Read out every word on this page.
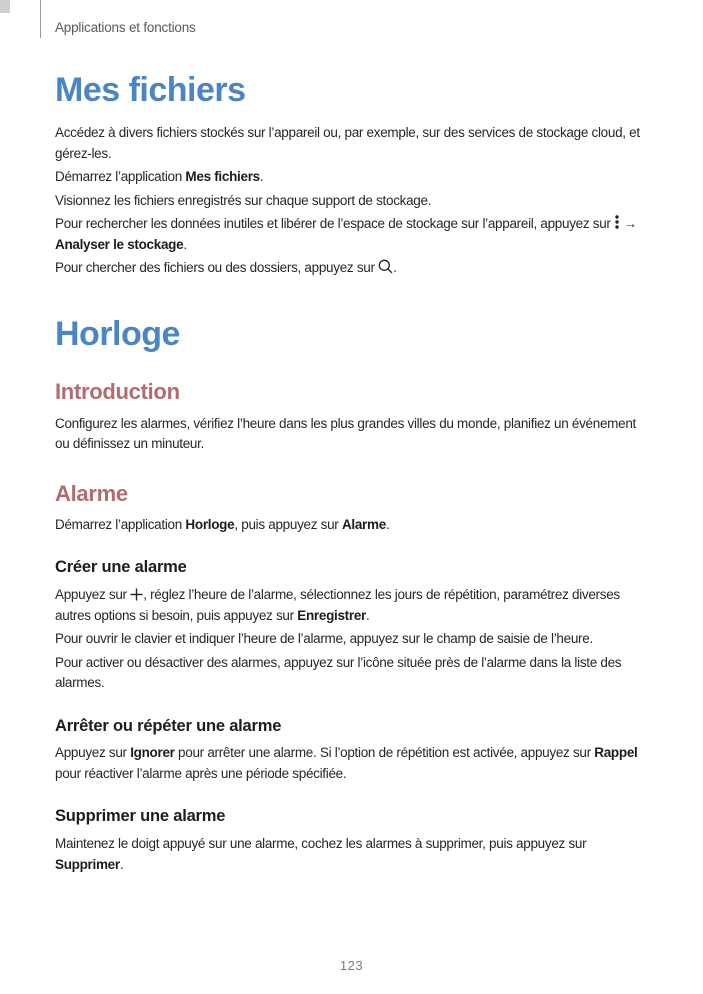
Applications et fonctions
Mes fichiers

Accédez à divers fichiers stockés sur l’appareil ou, par exemple, sur des services de stockage cloud, et gérez-les.

Démarrez l’application Mes fichiers.

Visionnez les fichiers enregistrés sur chaque support de stockage.

Pour rechercher les données inutiles et libérer de l’espace de stockage sur l’appareil, appuyez sur  → Analyser le stockage.

Pour chercher des fichiers ou des dossiers, appuyez sur .

Horloge
Introduction

Configurez les alarmes, vérifiez l’heure dans les plus grandes villes du monde, planifiez un événement ou définissez un minuteur.

Alarme

Démarrez l’application Horloge, puis appuyez sur Alarme.

Créer une alarme

Appuyez sur , réglez l’heure de l’alarme, sélectionnez les jours de répétition, paramétrez diverses autres options si besoin, puis appuyez sur Enregistrer.

Pour ouvrir le clavier et indiquer l’heure de l’alarme, appuyez sur le champ de saisie de l’heure.

Pour activer ou désactiver des alarmes, appuyez sur l’icône située près de l’alarme dans la liste des alarmes.

Arrêter ou répéter une alarme

Appuyez sur Ignorer pour arrêter une alarme. Si l’option de répétition est activée, appuyez sur Rappel pour réactiver l’alarme après une période spécifiée.

Supprimer une alarme

Maintenez le doigt appuyé sur une alarme, cochez les alarmes à supprimer, puis appuyez sur Supprimer.

123
